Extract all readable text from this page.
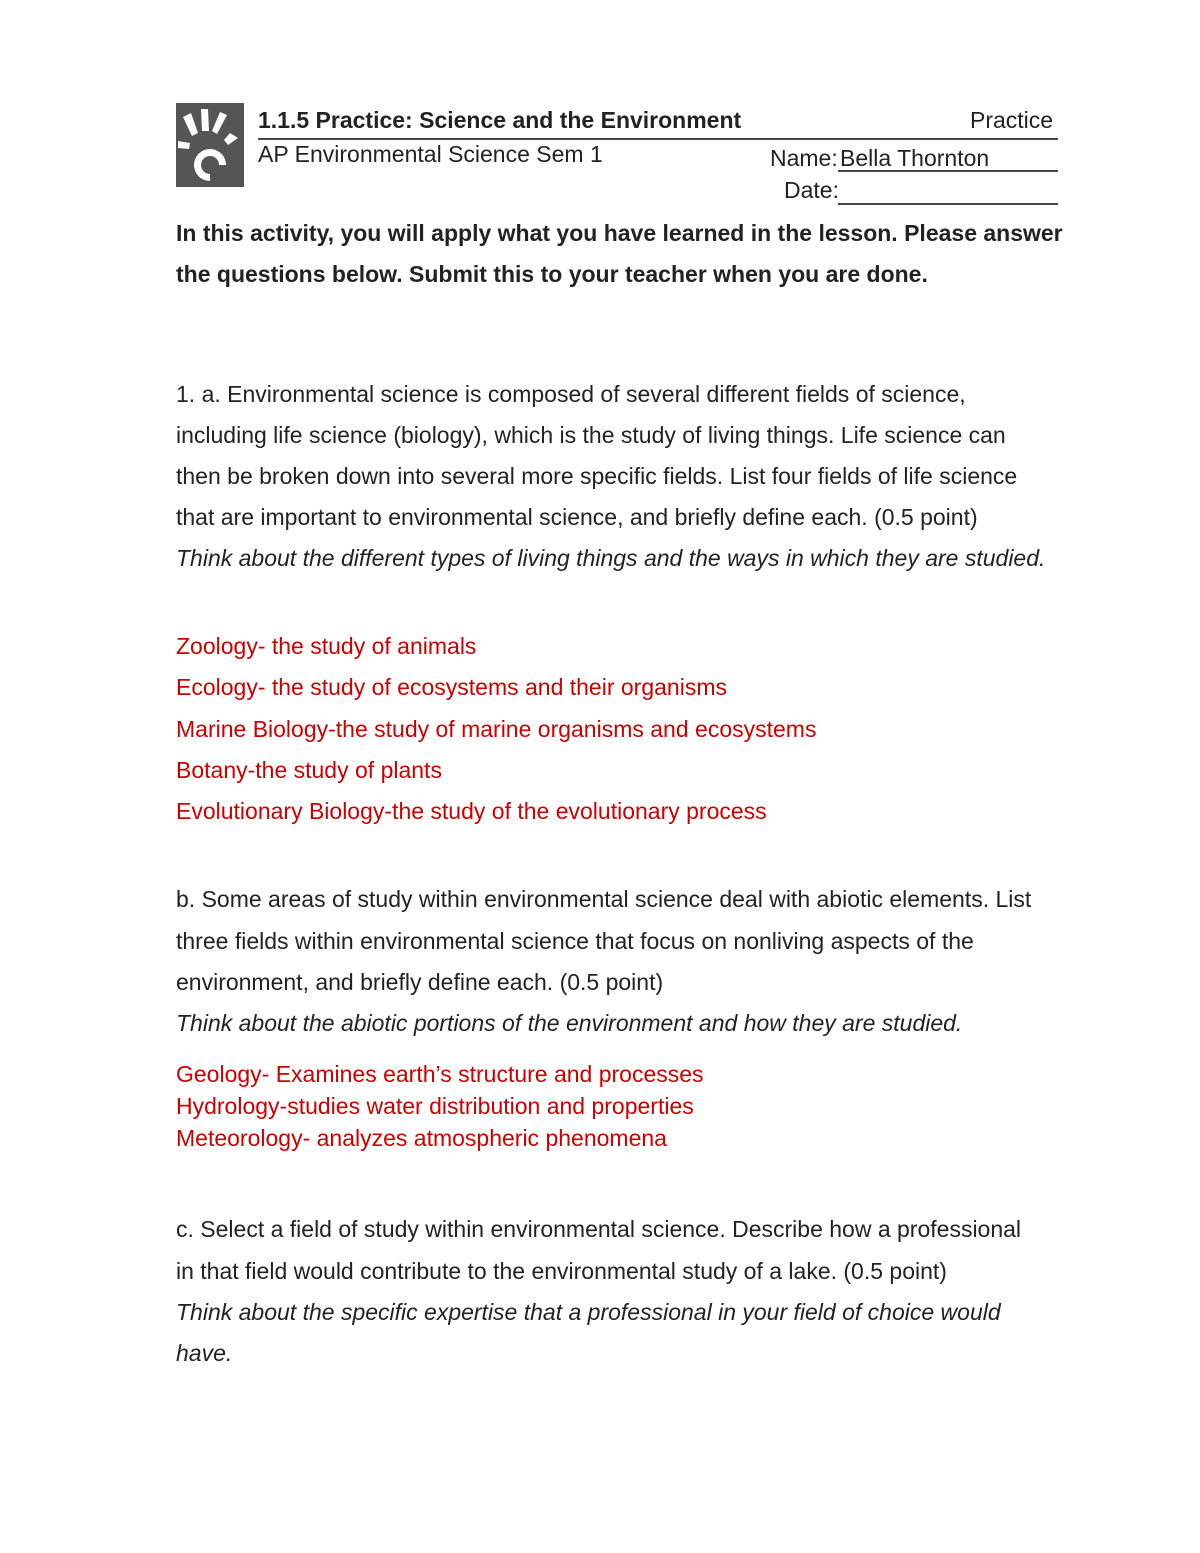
1.1.5 Practice: Science and the Environment	Practice
AP Environmental Science Sem 1	Name: Bella Thornton
Date:
In this activity, you will apply what you have learned in the lesson. Please answer
the questions below. Submit this to your teacher when you are done.
1. a. Environmental science is composed of several different fields of science,
including life science (biology), which is the study of living things. Life science can
then be broken down into several more specific fields. List four fields of life science
that are important to environmental science, and briefly define each. (0.5 point)
Think about the different types of living things and the ways in which they are studied.
Zoology- the study of animals
Ecology- the study of ecosystems and their organisms
Marine Biology-the study of marine organisms and ecosystems
Botany-the study of plants
Evolutionary Biology-the study of the evolutionary process
b. Some areas of study within environmental science deal with abiotic elements. List
three fields within environmental science that focus on nonliving aspects of the
environment, and briefly define each. (0.5 point)
Think about the abiotic portions of the environment and how they are studied.
Geology- Examines earth’s structure and processes
Hydrology-studies water distribution and properties
Meteorology- analyzes atmospheric phenomena
c. Select a field of study within environmental science. Describe how a professional
in that field would contribute to the environmental study of a lake. (0.5 point)
Think about the specific expertise that a professional in your field of choice would
have.
